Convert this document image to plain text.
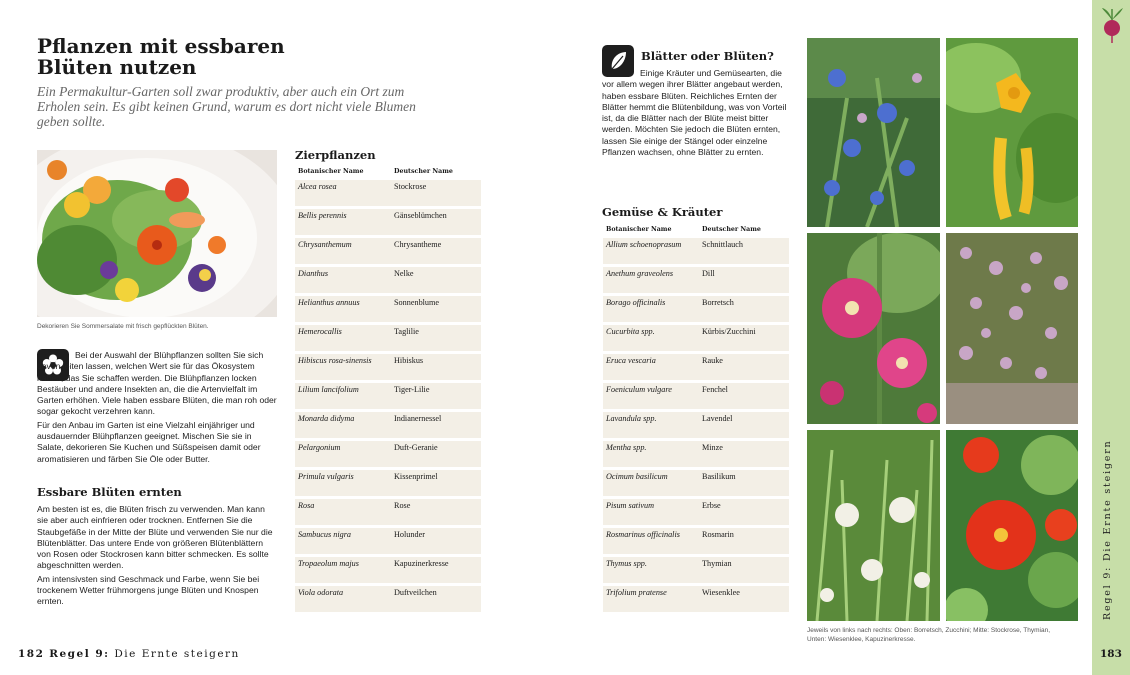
Pflanzen mit essbaren
Blüten nutzen
Ein Permakultur-Garten soll zwar produktiv, aber auch ein Ort zum Erholen sein. Es gibt keinen Grund, warum es dort nicht viele Blumen geben sollte.
Dekorieren Sie Sommersalate mit frisch gepflückten Blüten.

Bei der Auswahl der Blühpflanzen sollten Sie sich davon leiten lassen, welchen Wert sie für das Ökosystem haben, das Sie schaffen werden. Die Blühpflanzen locken Bestäuber und andere Insekten an, die die Artenvielfalt im Garten erhöhen. Viele haben essbare Blüten, die man roh oder sogar gekocht verzehren kann.

Für den Anbau im Garten ist eine Vielzahl einjähriger und ausdauernder Blühpflanzen geeignet. Mischen Sie sie in Salate, dekorieren Sie Kuchen und Süßspeisen damit oder aromatisieren und färben Sie Öle oder Butter.

Essbare Blüten ernten

Am besten ist es, die Blüten frisch zu verwenden. Man kann sie aber auch einfrieren oder trocknen. Entfernen Sie die Staubgefäße in der Mitte der Blüte und verwenden Sie nur die Blütenblätter. Das untere Ende von größeren Blütenblättern von Rosen oder Stockrosen kann bitter schmecken. Es sollte abgeschnitten werden.

Am intensivsten sind Geschmack und Farbe, wenn Sie bei trockenem Wetter frühmorgens junge Blüten und Knospen ernten.

182 Regel 9: Die Ernte steigern
Zierpflanzen
Botanischer Name	Deutscher Name
Alcea rosea	Stockrose
Bellis perennis	Gänseblümchen
Chrysanthemum	Chrysantheme
Dianthus	Nelke
Helianthus annuus	Sonnenblume
Hemerocallis	Taglilie
Hibiscus rosa-sinensis	Hibiskus
Lilium lancifolium	Tiger-Lilie
Monarda didyma	Indianernessel
Pelargonium	Duft-Geranie
Primula vulgaris	Kissenprimel
Rosa	Rose
Sambucus nigra	Holunder
Tropaeolum majus	Kapuzinerkresse
Viola odorata	Duftveilchen
Blätter oder Blüten?
Einige Kräuter und Gemüsearten, die vor allem wegen ihrer Blätter angebaut werden, haben essbare Blüten. Reichliches Ernten der Blätter hemmt die Blütenbildung, was von Vorteil ist, da die Blätter nach der Blüte meist bitter werden. Möchten Sie jedoch die Blüten ernten, lassen Sie einige der Stängel oder einzelne Pflanzen wachsen, ohne Blätter zu ernten.
Gemüse & Kräuter
Botanischer Name	Deutscher Name
Allium schoenoprasum	Schnittlauch
Anethum graveolens	Dill
Borago officinalis	Borretsch
Cucurbita spp.	Kürbis/Zucchini
Eruca vescaria	Rauke
Foeniculum vulgare	Fenchel
Lavandula spp.	Lavendel
Mentha spp.	Minze
Ocimum basilicum	Basilikum
Pisum sativum	Erbse
Rosmarinus officinalis	Rosmarin
Thymus spp.	Thymian
Trifolium pratense	Wiesenklee
Jeweils von links nach rechts: Oben: Borretsch, Zucchini; Mitte: Stockrose, Thymian, Unten: Wiesenklee, Kapuzinerkresse.
Regel 9: Die Ernte steigern
183
